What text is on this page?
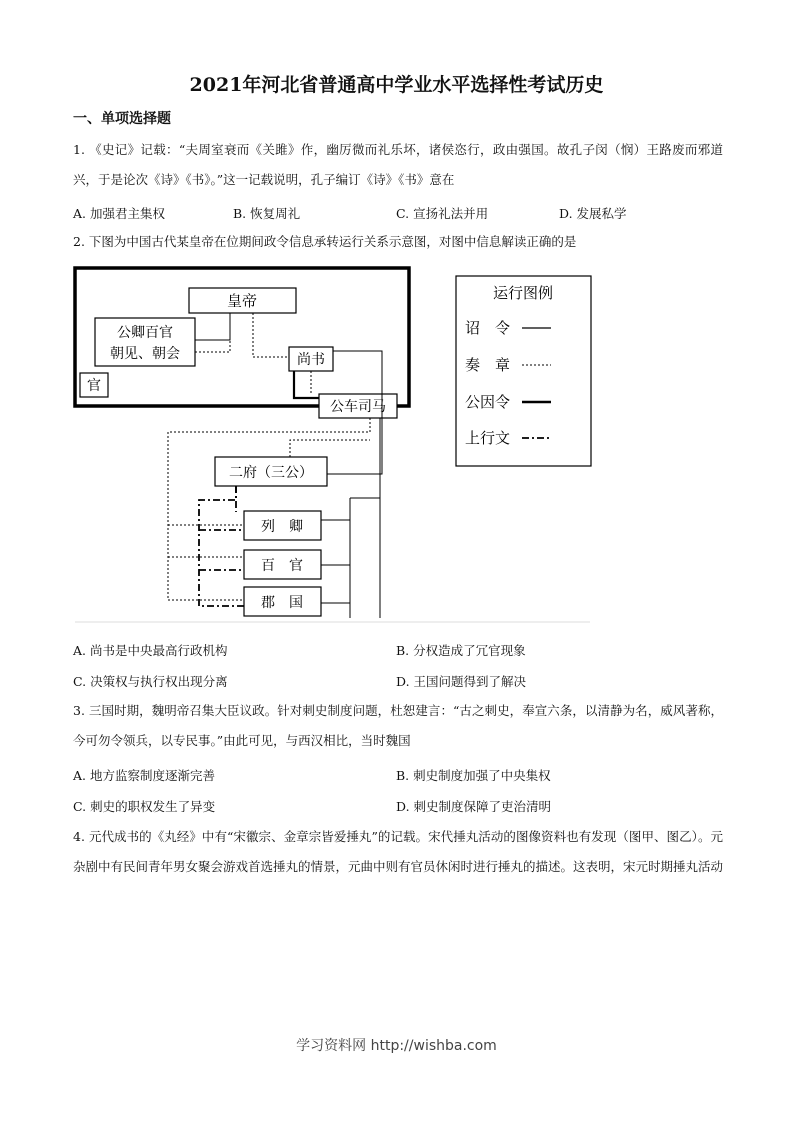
2021年河北省普通高中学业水平选择性考试历史
一、单项选择题
1. 《史记》记载：“夫周室衰而《关雎》作，幽厉微而礼乐坏，诸侯恣行，政由强国。故孔子闵（悯）王路废而邪道兴，于是论次《诗》《书》。”这一记载说明，孔子编订《诗》《书》意在
A. 加强君主集权	B. 恢复周礼	C. 宣扬礼法并用	D. 发展私学
2. 下图为中国古代某皇帝在位期间政令信息承转运行关系示意图，对图中信息解读正确的是
皇帝
公卿百官
朝见、朝会
官
尚书
公车司马
二府（三公）
列　卿
百　官
郡　国
运行图例
诏　令
奏　章
公因令
上行文
A. 尚书是中央最高行政机构	B. 分权造成了冗官现象
C. 决策权与执行权出现分离	D. 王国问题得到了解决
3. 三国时期，魏明帝召集大臣议政。针对刺史制度问题，杜恕建言：“古之刺史，奉宣六条，以清静为名，威风著称，今可勿令领兵，以专民事。”由此可见，与西汉相比，当时魏国
A. 地方监察制度逐渐完善	B. 刺史制度加强了中央集权
C. 刺史的职权发生了异变	D. 刺史制度保障了吏治清明
4. 元代成书的《丸经》中有“宋徽宗、金章宗皆爱捶丸”的记载。宋代捶丸活动的图像资料也有发现（图甲、图乙）。元杂剧中有民间青年男女聚会游戏首选捶丸的情景，元曲中则有官员休闲时进行捶丸的描述。这表明，宋元时期捶丸活动
学习资料网 http://wishba.com
